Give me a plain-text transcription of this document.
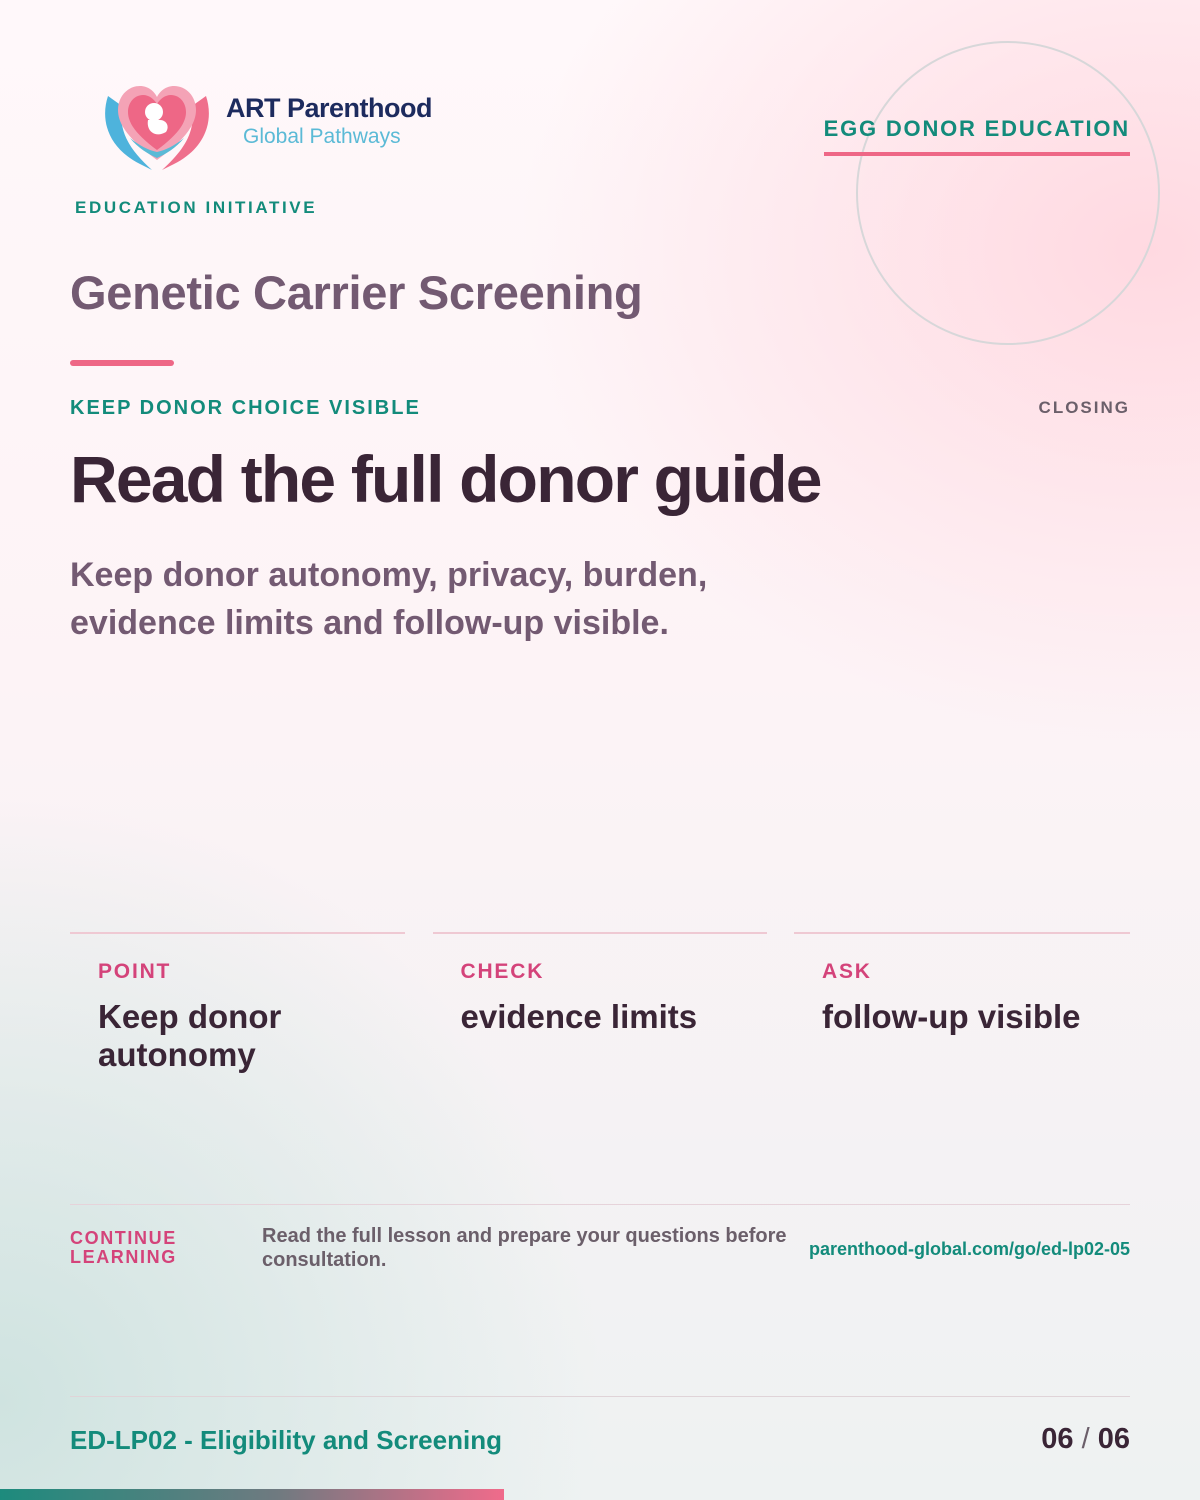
ART Parenthood
Global Pathways
EDUCATION INITIATIVE
EGG DONOR EDUCATION
Genetic Carrier Screening
KEEP DONOR CHOICE VISIBLE	CLOSING
Read the full donor guide
Keep donor autonomy, privacy, burden, evidence limits and follow-up visible.
POINT
Keep donor autonomy
CHECK
evidence limits
ASK
follow-up visible
CONTINUE LEARNING
Read the full lesson and prepare your questions before consultation.	parenthood-global.com/go/ed-lp02-05
ED-LP02 - Eligibility and Screening	06 / 06
